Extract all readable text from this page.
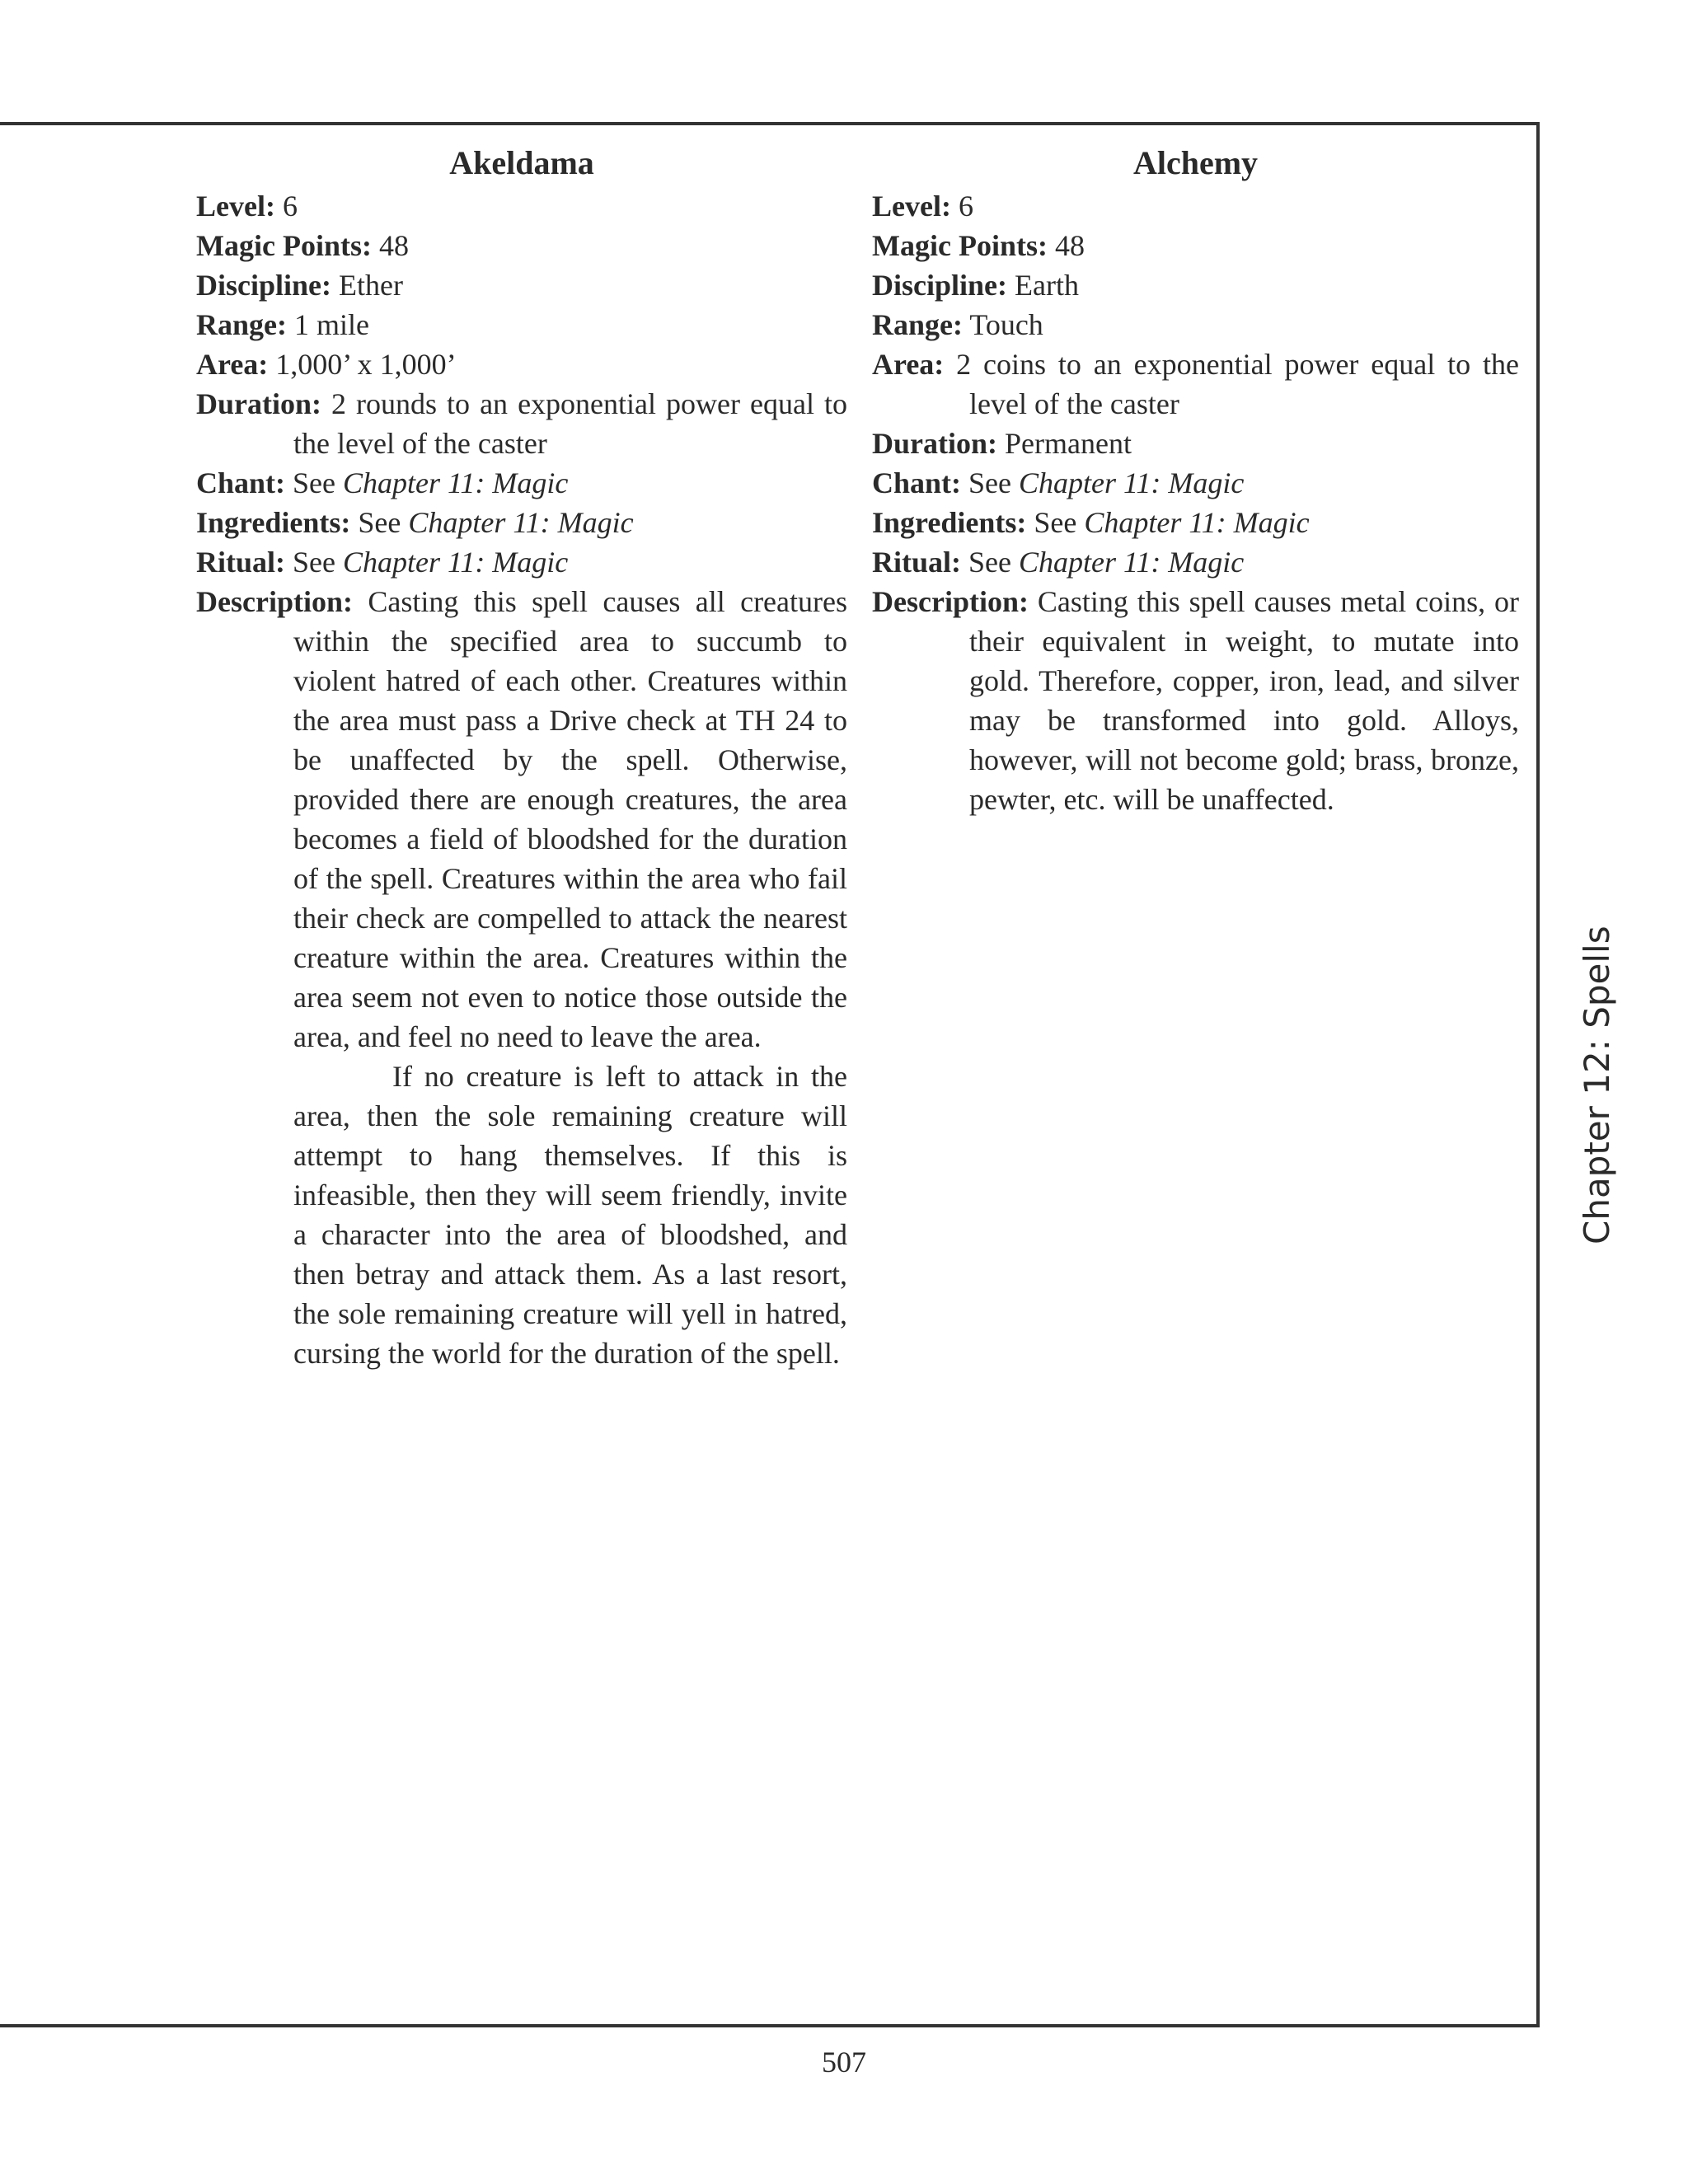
Akeldama

Level: 6

Magic Points: 48

Discipline: Ether

Range: 1 mile

Area: 1,000’ x 1,000’

Duration: 2 rounds to an exponential power equal to the level of the caster

Chant: See Chapter 11: Magic

Ingredients: See Chapter 11: Magic

Ritual: See Chapter 11: Magic

Description: Casting this spell causes all creatures within the specified area to succumb to violent hatred of each other. Creatures within the area must pass a Drive check at TH 24 to be unaffected by the spell. Otherwise, provided there are enough creatures, the area becomes a field of bloodshed for the duration of the spell. Creatures within the area who fail their check are compelled to attack the nearest creature within the area. Creatures within the area seem not even to notice those outside the area, and feel no need to leave the area.

If no creature is left to attack in the area, then the sole remaining creature will attempt to hang themselves. If this is infeasible, then they will seem friendly, invite a character into the area of bloodshed, and then betray and attack them. As a last resort, the sole remaining creature will yell in hatred, cursing the world for the duration of the spell.

Alchemy

Level: 6

Magic Points: 48

Discipline: Earth

Range: Touch

Area: 2 coins to an exponential power equal to the level of the caster

Duration: Permanent

Chant: See Chapter 11: Magic

Ingredients: See Chapter 11: Magic

Ritual: See Chapter 11: Magic

Description: Casting this spell causes metal coins, or their equivalent in weight, to mutate into gold. Therefore, copper, iron, lead, and silver may be transformed into gold. Alloys, however, will not become gold; brass, bronze, pewter, etc. will be unaffected.

Chapter 12: Spells
507
